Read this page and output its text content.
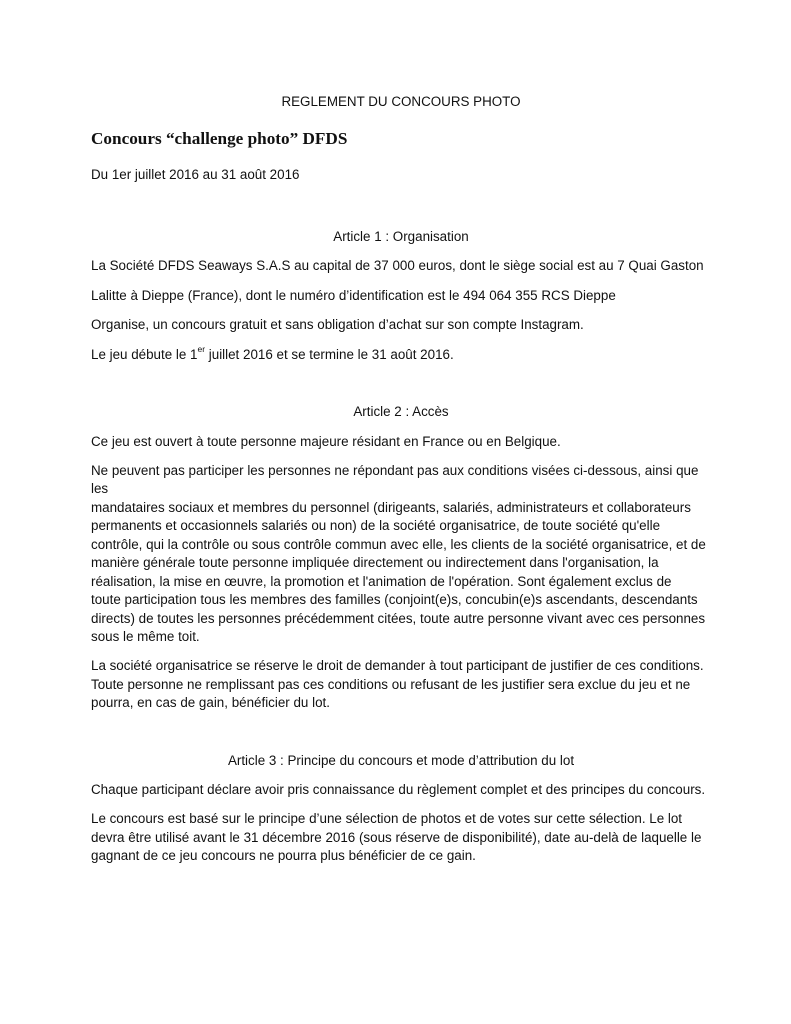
REGLEMENT DU CONCOURS PHOTO
Concours “challenge photo” DFDS
Du 1er juillet 2016 au 31 août 2016
Article 1 : Organisation

La Société DFDS Seaways S.A.S au capital de 37 000 euros, dont le siège social est au 7 Quai Gaston

Lalitte à Dieppe (France), dont le numéro d’identification est le 494 064 355 RCS Dieppe

Organise, un concours gratuit et sans obligation d’achat sur son compte Instagram.

Le jeu débute le 1er juillet 2016 et se termine le 31 août 2016.

Article 2 : Accès

Ce jeu est ouvert à toute personne majeure résidant en France ou en Belgique.

Ne peuvent pas participer les personnes ne répondant pas aux conditions visées ci-dessous, ainsi que les
mandataires sociaux et membres du personnel (dirigeants, salariés, administrateurs et collaborateurs
permanents et occasionnels salariés ou non) de la société organisatrice, de toute société qu'elle
contrôle, qui la contrôle ou sous contrôle commun avec elle, les clients de la société organisatrice, et de
manière générale toute personne impliquée directement ou indirectement dans l'organisation, la
réalisation, la mise en œuvre, la promotion et l'animation de l'opération. Sont également exclus de
toute participation tous les membres des familles (conjoint(e)s, concubin(e)s ascendants, descendants
directs) de toutes les personnes précédemment citées, toute autre personne vivant avec ces personnes
sous le même toit.

La société organisatrice se réserve le droit de demander à tout participant de justifier de ces conditions.
Toute personne ne remplissant pas ces conditions ou refusant de les justifier sera exclue du jeu et ne
pourra, en cas de gain, bénéficier du lot.

Article 3 : Principe du concours et mode d’attribution du lot

Chaque participant déclare avoir pris connaissance du règlement complet et des principes du concours.

Le concours est basé sur le principe d’une sélection de photos et de votes sur cette sélection. Le lot
devra être utilisé avant le 31 décembre 2016 (sous réserve de disponibilité), date au-delà de laquelle le
gagnant de ce jeu concours ne pourra plus bénéficier de ce gain.
